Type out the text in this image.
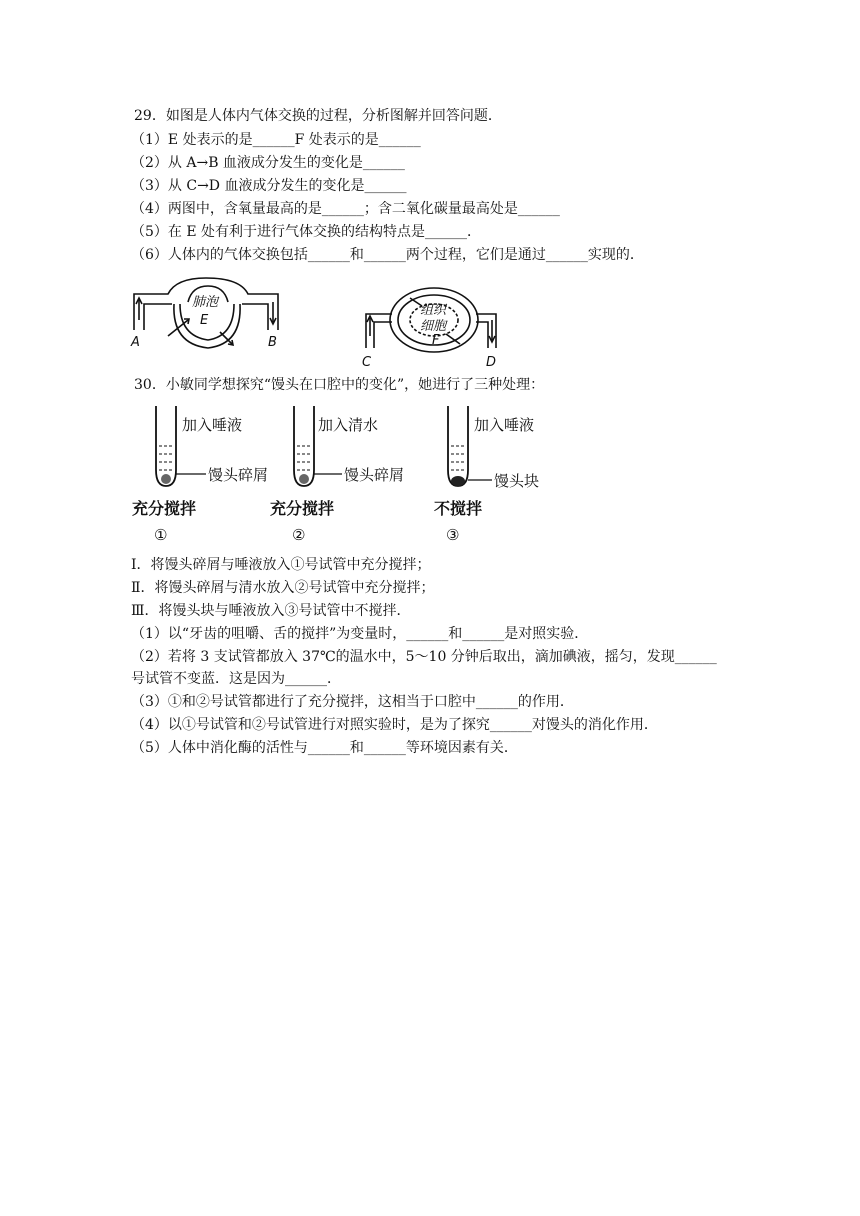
29．如图是人体内气体交换的过程，分析图解并回答问题．
（1）E 处表示的是______F 处表示的是______
（2）从 A→B 血液成分发生的变化是______
（3）从 C→D 血液成分发生的变化是______
（4）两图中，含氧量最高的是______；含二氧化碳量最高处是______
（5）在 E 处有利于进行气体交换的结构特点是______．
（6）人体内的气体交换包括______和______两个过程，它们是通过______实现的．
A	B
肺泡
E
组织
细胞
F
C	D
30．小敏同学想探究“馒头在口腔中的变化”，她进行了三种处理：
加入唾液
馒头碎屑
充分搅拌
①
加入清水
馒头碎屑
充分搅拌
②
加入唾液
馒头块
不搅拌
③
Ⅰ．将馒头碎屑与唾液放入①号试管中充分搅拌；
Ⅱ．将馒头碎屑与清水放入②号试管中充分搅拌；
Ⅲ．将馒头块与唾液放入③号试管中不搅拌．
（1）以“牙齿的咀嚼、舌的搅拌”为变量时，______和______是对照实验．
（2）若将 3 支试管都放入 37℃的温水中，5～10 分钟后取出，滴加碘液，摇匀，发现______
号试管不变蓝．这是因为______．
（3）①和②号试管都进行了充分搅拌，这相当于口腔中______的作用．
（4）以①号试管和②号试管进行对照实验时，是为了探究______对馒头的消化作用．
（5）人体中消化酶的活性与______和______等环境因素有关．
